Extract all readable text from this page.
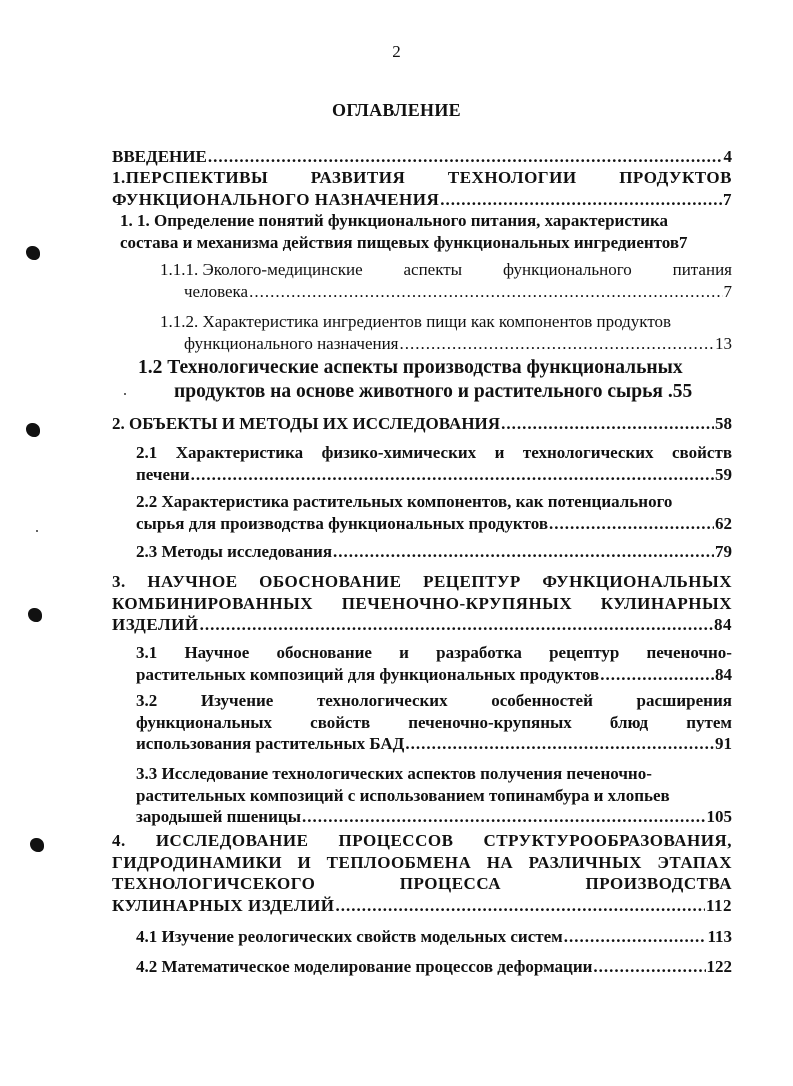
2
ОГЛАВЛЕНИЕ
ВВЕДЕНИЕ .....	4
1.ПЕРСПЕКТИВЫ	РАЗВИТИЯ	ТЕХНОЛОГИИ	ПРОДУКТОВ
ФУНКЦИОНАЛЬНОГО НАЗНАЧЕНИЯ .....	7
1. 1. Определение понятий функционального питания, характеристика
состава и механизма действия пищевых функциональных ингредиентов 7
1.1.1. Эколого-медицинские аспекты функционального питания
человека .....	7
1.1.2. Характеристика ингредиентов пищи как компонентов продуктов
функционального назначения .....	13
1.2 Технологические аспекты производства функциональных
продуктов на основе животного и растительного сырья . 55
2. ОБЪЕКТЫ И МЕТОДЫ ИХ ИССЛЕДОВАНИЯ .....	58
2.1 Характеристика физико-химических и технологических свойств
печени .....	59
2.2 Характеристика растительных компонентов, как потенциального
сырья для производства функциональных продуктов .....	62
2.3 Методы исследования .....	79
3. НАУЧНОЕ ОБОСНОВАНИЕ РЕЦЕПТУР ФУНКЦИОНАЛЬНЫХ
КОМБИНИРОВАННЫХ ПЕЧЕНОЧНО-КРУПЯНЫХ КУЛИНАРНЫХ
ИЗДЕЛИЙ .....	84
3.1 Научное обоснование и разработка рецептур печеночно-
растительных композиций для функциональных продуктов .....	84
3.2	Изучение	технологических	особенностей	расширения
функциональных свойств печеночно-крупяных блюд путем
использования растительных БАД .....	91
3.3 Исследование технологических аспектов получения печеночно-
растительных композиций с использованием топинамбура и хлопьев
зародышей пшеницы .....	105
4. ИССЛЕДОВАНИЕ ПРОЦЕССОВ СТРУКТУРООБРАЗОВАНИЯ,
ГИДРОДИНАМИКИ И ТЕПЛООБМЕНА НА РАЗЛИЧНЫХ ЭТАПАХ
ТЕХНОЛОГИЧСЕКОГО	ПРОЦЕССА	ПРОИЗВОДСТВА
КУЛИНАРНЫХ ИЗДЕЛИЙ .....	112
4.1 Изучение реологических свойств модельных систем .....	113
4.2 Математическое моделирование процессов деформации .....	122
